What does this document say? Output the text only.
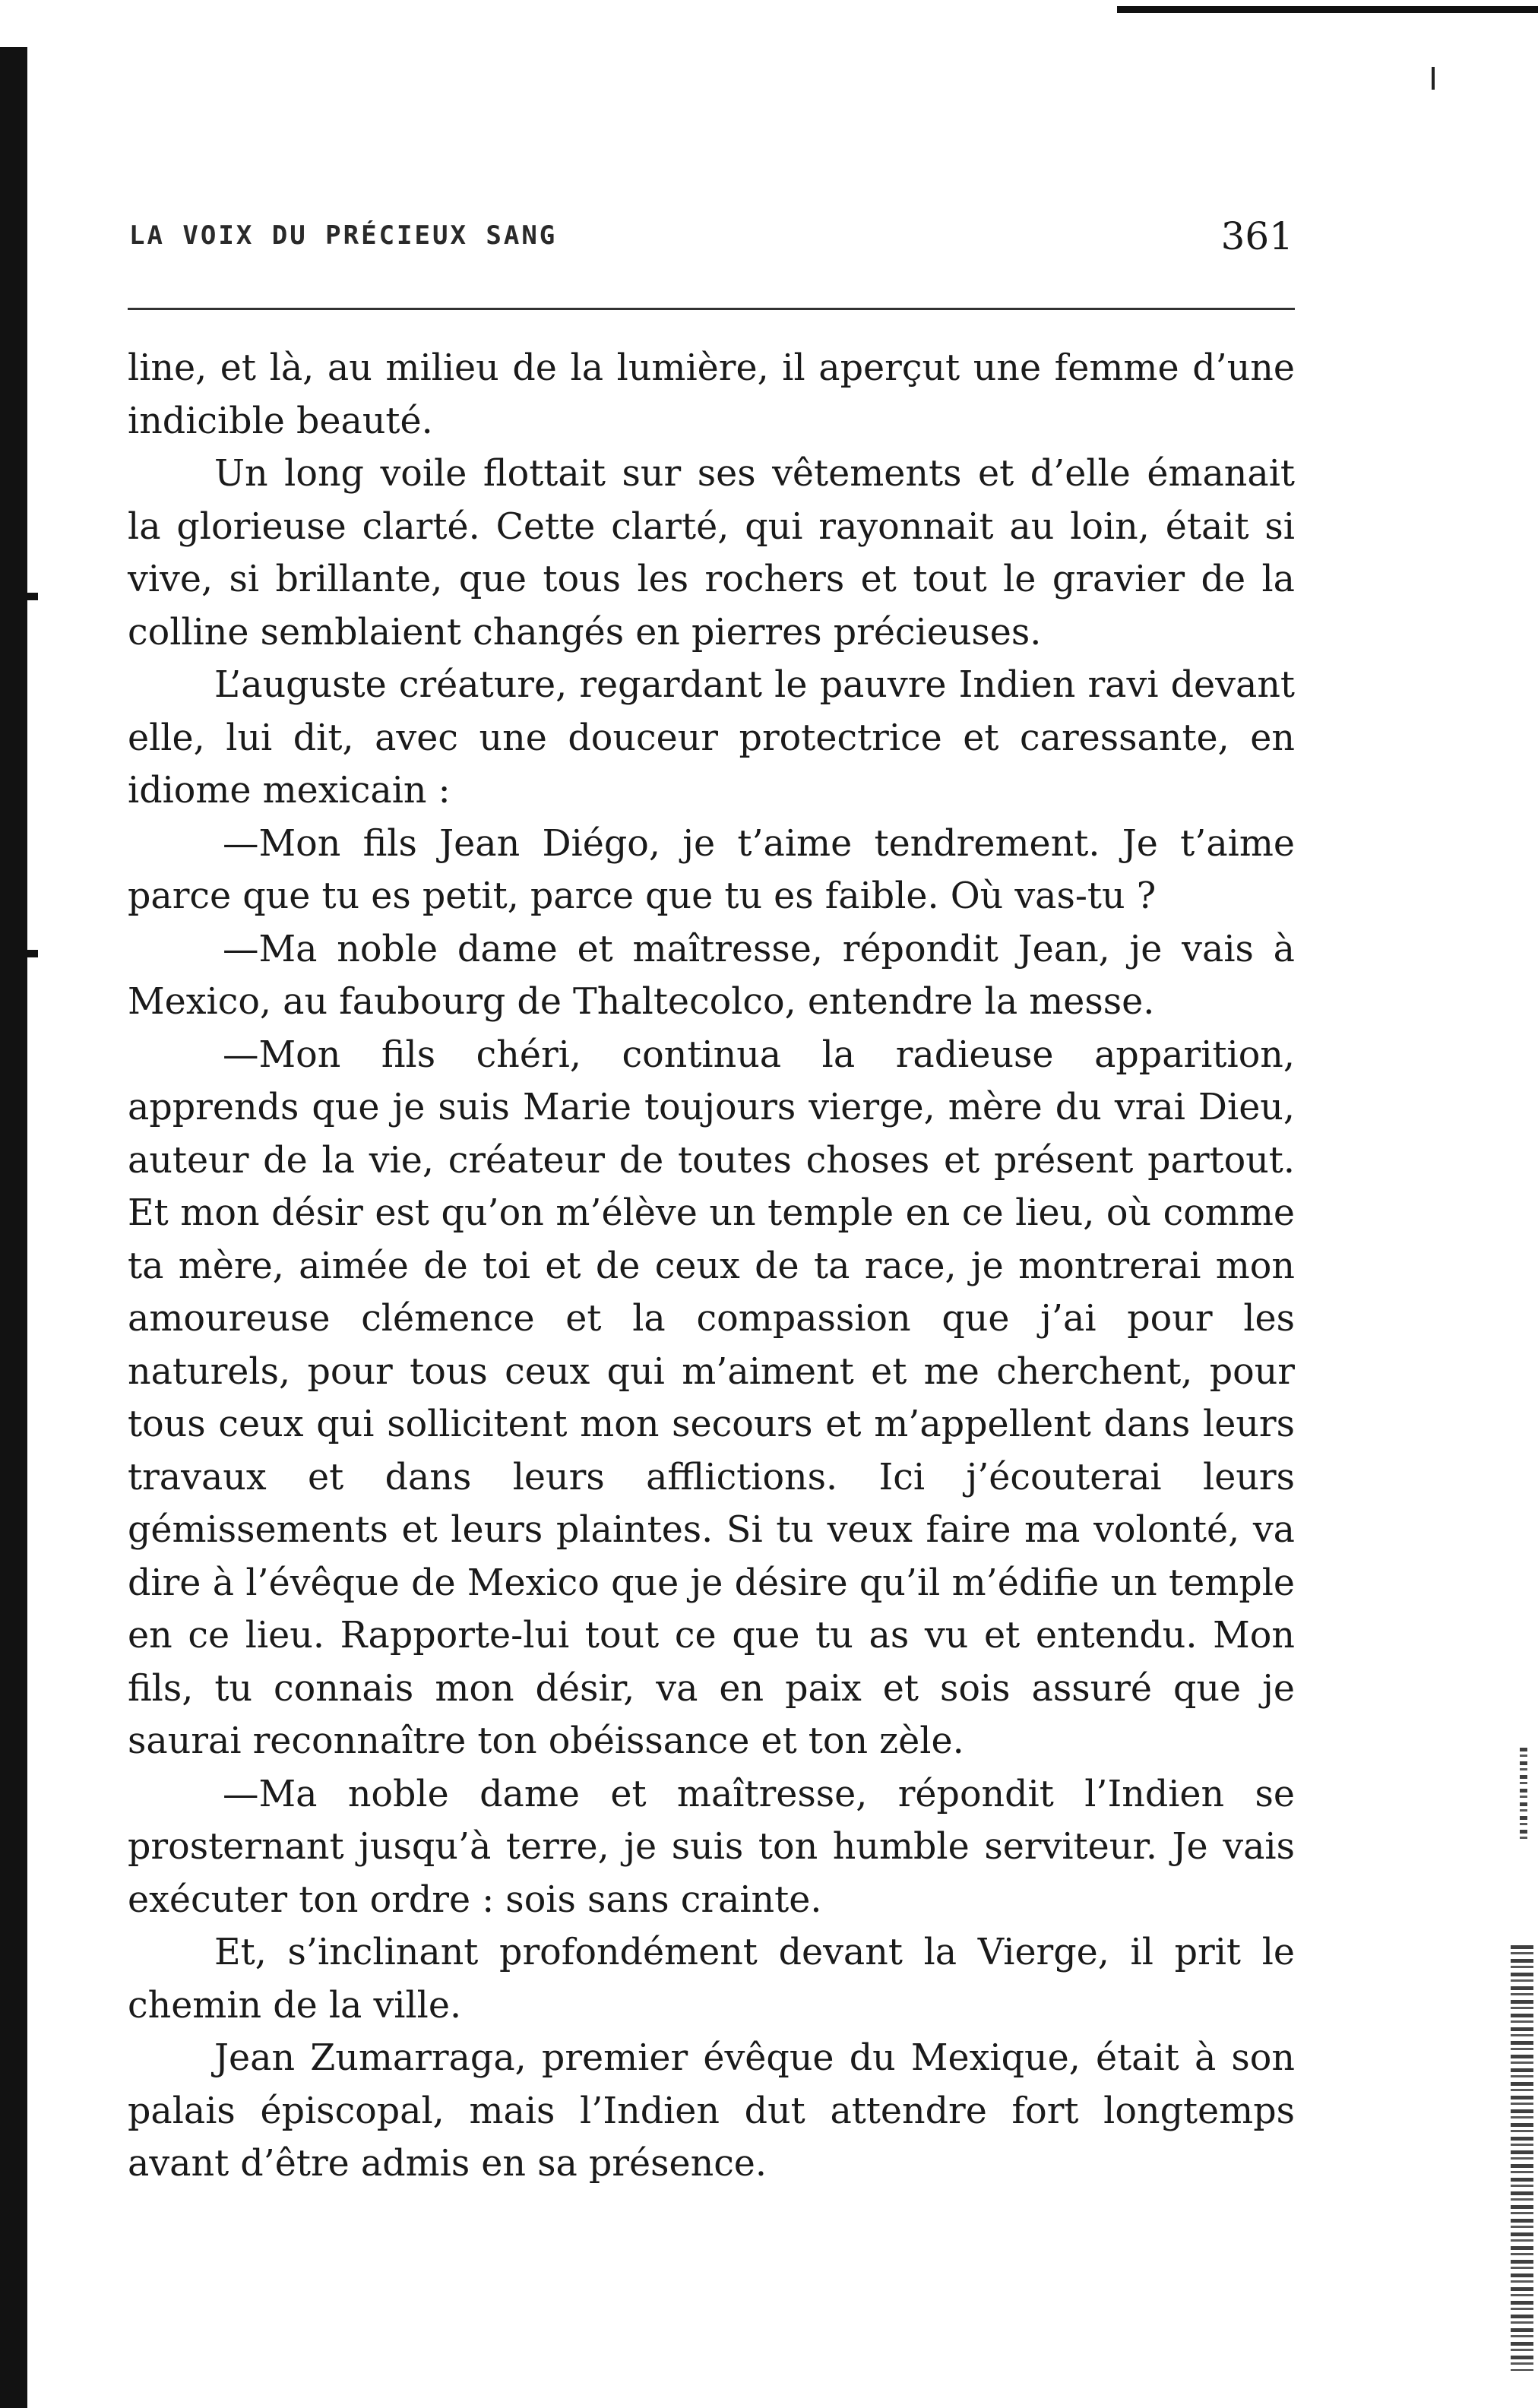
LA VOIX DU PRÉCIEUX SANG	361

line, et là, au milieu de la lumière, il aperçut une femme d’une indicible beauté.

Un long voile flottait sur ses vêtements et d’elle émanait la glorieuse clarté. Cette clarté, qui rayonnait au loin, était si vive, si brillante, que tous les rochers et tout le gravier de la colline semblaient changés en pierres précieuses.

L’auguste créature, regardant le pauvre Indien ravi devant elle, lui dit, avec une douceur protectrice et caressante, en idiome mexicain :

—Mon fils Jean Diégo, je t’aime tendrement. Je t’aime parce que tu es petit, parce que tu es faible. Où vas-tu ?

—Ma noble dame et maîtresse, répondit Jean, je vais à Mexico, au faubourg de Thaltecolco, entendre la messe.

—Mon fils chéri, continua la radieuse apparition, apprends que je suis Marie toujours vierge, mère du vrai Dieu, auteur de la vie, créateur de toutes choses et présent partout. Et mon désir est qu’on m’élève un temple en ce lieu, où comme ta mère, aimée de toi et de ceux de ta race, je montrerai mon amoureuse clémence et la compassion que j’ai pour les naturels, pour tous ceux qui m’aiment et me cherchent, pour tous ceux qui sollicitent mon secours et m’appellent dans leurs travaux et dans leurs afflictions. Ici j’écouterai leurs gémissements et leurs plaintes. Si tu veux faire ma volonté, va dire à l’évêque de Mexico que je désire qu’il m’édifie un temple en ce lieu. Rapporte-lui tout ce que tu as vu et entendu. Mon fils, tu connais mon désir, va en paix et sois assuré que je saurai reconnaître ton obéissance et ton zèle.

—Ma noble dame et maîtresse, répondit l’Indien se prosternant jusqu’à terre, je suis ton humble serviteur. Je vais exécuter ton ordre : sois sans crainte.

Et, s’inclinant profondément devant la Vierge, il prit le chemin de la ville.

Jean Zumarraga, premier évêque du Mexique, était à son palais épiscopal, mais l’Indien dut attendre fort longtemps avant d’être admis en sa présence.
